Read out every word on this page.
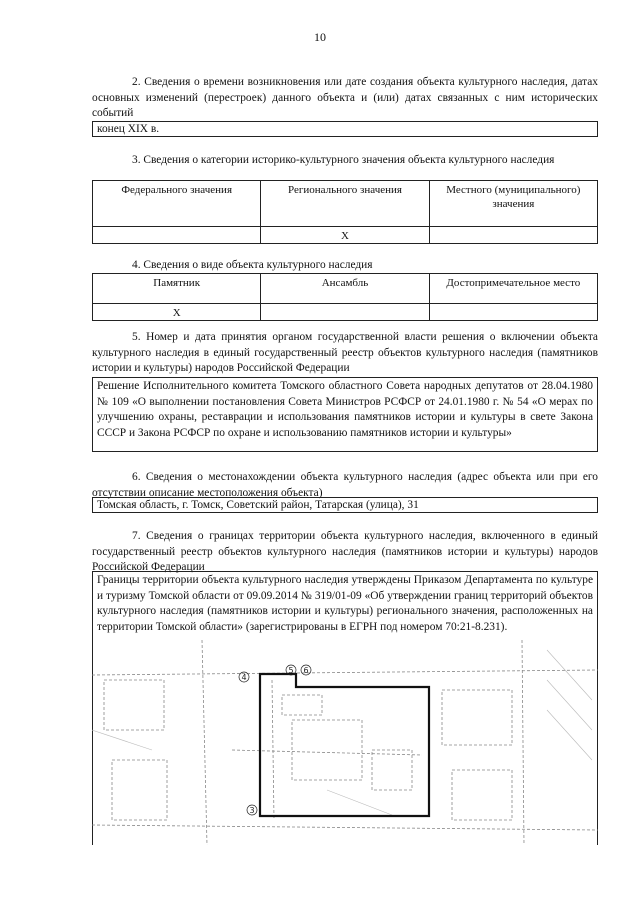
10
2. Сведения о времени возникновения или дате создания объекта культурного наследия, датах основных изменений (перестроек) данного объекта и (или) датах связанных с ним исторических событий
конец XIX в.
3. Сведения о категории историко-культурного значения объекта культурного наследия
Федерального значения	Регионального значения	Местного (муниципального) значения
	Х	
4. Сведения о виде объекта культурного наследия
Памятник	Ансамбль	Достопримечательное место
Х		
5. Номер и дата принятия органом государственной власти решения о включении объекта культурного наследия в единый государственный реестр объектов культурного наследия (памятников истории и культуры) народов Российской Федерации
Решение Исполнительного комитета Томского областного Совета народных депутатов от 28.04.1980 № 109 «О выполнении постановления Совета Министров РСФСР от 24.01.1980 г. № 54 «О мерах по улучшению охраны, реставрации и использования памятников истории и культуры в свете Закона СССР и Закона РСФСР по охране и использованию памятников истории и культуры»
6. Сведения о местонахождении объекта культурного наследия (адрес объекта или при его отсутствии описание местоположения объекта)
Томская область, г. Томск, Советский район, Татарская (улица), 31
7. Сведения о границах территории объекта культурного наследия, включенного в единый государственный реестр объектов культурного наследия (памятников истории и культуры) народов Российской Федерации
Границы территории объекта культурного наследия утверждены Приказом Департамента по культуре и туризму Томской области от 09.09.2014 № 319/01-09 «Об утверждении границ территорий объектов культурного наследия (памятников истории и культуры) регионального значения, расположенных на территории Томской области» (зарегистрированы в ЕГРН под номером 70:21-8.231).
4
5 6
3
